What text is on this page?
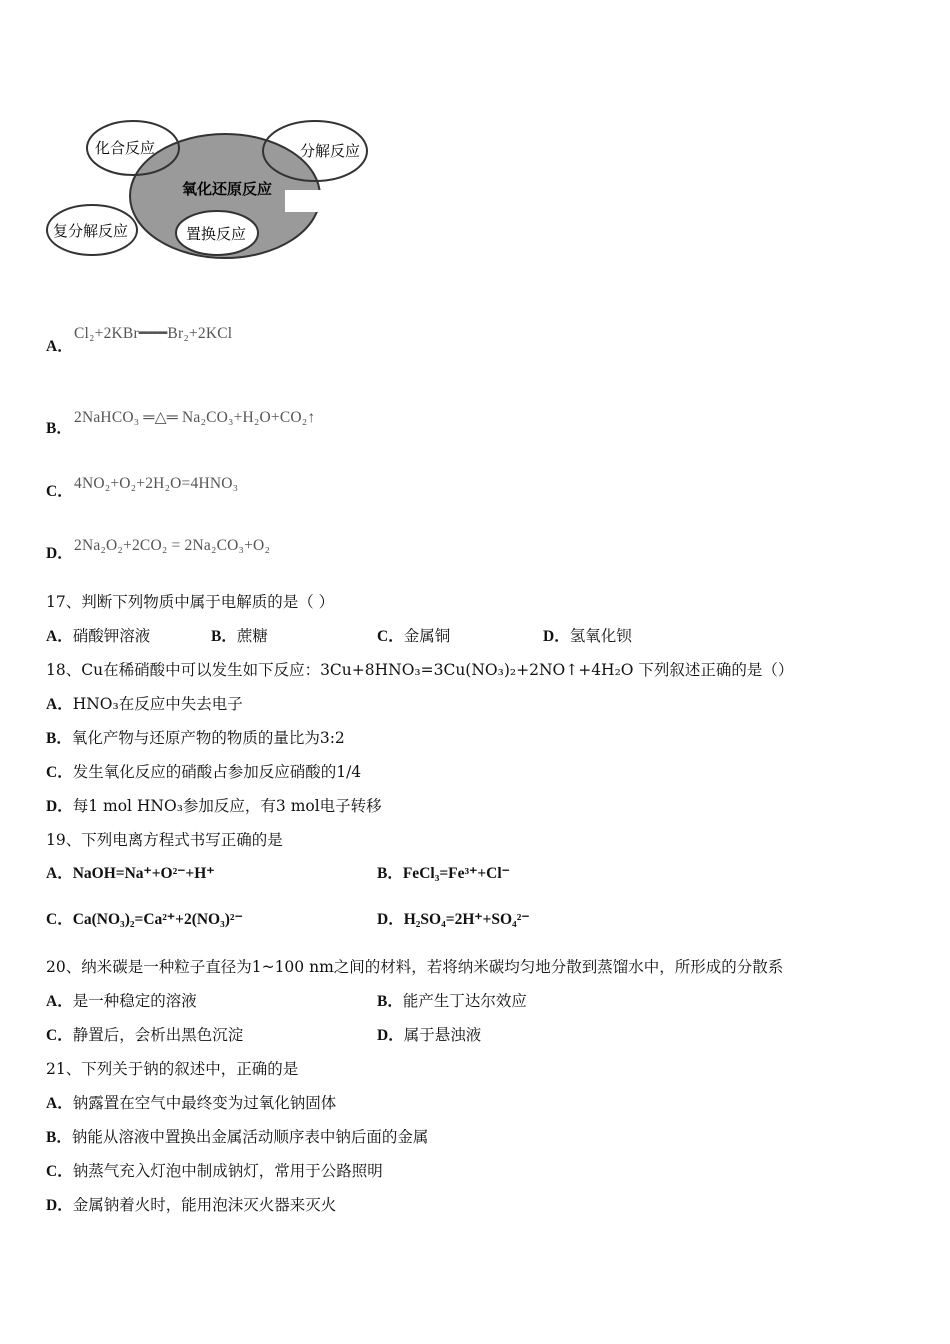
化合反应	分解反应
氧化还原反应
复分解反应	置换反应
A．
Cl₂+2KBr━━━Br₂+2KCl
B．
2NaHCO₃ ═△═ Na₂CO₃+H₂O+CO₂↑
C． 4NO₂+O₂+2H₂O=4HNO₃
D． 2Na₂O₂+2CO₂ = 2Na₂CO₃+O₂
17、判断下列物质中属于电解质的是（ ）
A．硝酸钾溶液	B．蔗糖	C．金属铜	D．氢氧化钡
18、Cu在稀硝酸中可以发生如下反应：3Cu+8HNO₃=3Cu(NO₃)₂+2NO↑+4H₂O 下列叙述正确的是（）
A．HNO₃在反应中失去电子
B．氧化产物与还原产物的物质的量比为3:2
C．发生氧化反应的硝酸占参加反应硝酸的1/4
D．每1 mol HNO₃参加反应，有3 mol电子转移
19、下列电离方程式书写正确的是
A．NaOH=Na⁺+O²⁻+H⁺	B．FeCl₃=Fe³⁺+Cl⁻
C．Ca(NO₃)₂=Ca²⁺+2(NO₃)²⁻	D．H₂SO₄=2H⁺+SO₄²⁻
20、纳米碳是一种粒子直径为1~100 nm之间的材料，若将纳米碳均匀地分散到蒸馏水中，所形成的分散系
A．是一种稳定的溶液	B．能产生丁达尔效应
C．静置后，会析出黑色沉淀	D．属于悬浊液
21、下列关于钠的叙述中，正确的是
A．钠露置在空气中最终变为过氧化钠固体
B．钠能从溶液中置换出金属活动顺序表中钠后面的金属
C．钠蒸气充入灯泡中制成钠灯，常用于公路照明
D．金属钠着火时，能用泡沫灭火器来灭火
